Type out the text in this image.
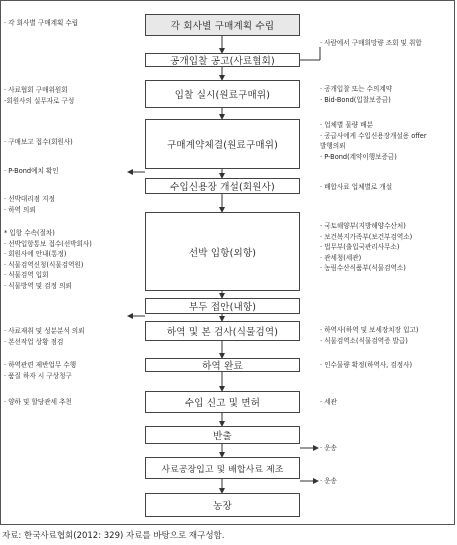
각 회사별 구매계획 수립
공개입찰 공고(사료협회)
입찰 실시(원료구매위)
구매계약체결(원료구매위)
수입신용장 개설(회원사)
선박 입항(외항)
부두 접안(내항)
하역 및 본 검사(식물검역)
하역 완료
수입 신고 및 면허
반출
사료공장입고 및 배합사료 제조
농장
· 각 회사별 구매계획 수립
· 사료협회 구매위원회
-회원사의 실무자로 구성
· 구매보고 접수(회원사)
· P-Bond예치 확인
· 선박대리점 지정
· 하역 의뢰
* 입항 수속(절차)
· 선박입항통보 접수(선박회사)
· 회원사에 안내(통정)
· 식물검역신청(식물검역원)
· 식물검역 입회
· 식물방역 및 검정 의뢰
· 사료재취 및 성분분석 의뢰
· 본선작업 상황 점검
· 하역관련 제반업무 수행
· 품질 하자 시 구상청구
· 양하 및 할당관세 추천
· 사람에서 구매희망량 조회 및 취합
· 공개입찰 또는 수의계약
· Bid-Bond(입찰보증금)
· 업체별 물량 배분
· 공급사에게 수입신용장개설용 offer
발행의뢰
· P-Bond(계약이행보증금)
· 배합사료 업체별로 개설
· 국토해양부(지방해양수산처)
· 보건복지가족부(보건부검역소)
· 법무부(출입국관리사무소)
· 관세청(세관)
· 농림수산식품부(식물검역소)
· 하역사(하역 및 보세장치장 입고)
· 식물검역소(식물검역증 발급)
· 인수물량 확정(하역사, 검정사)
· 세관
· 운송
· 운송
자료: 한국사료협회(2012: 329) 자료를 바탕으로 재구성함.
